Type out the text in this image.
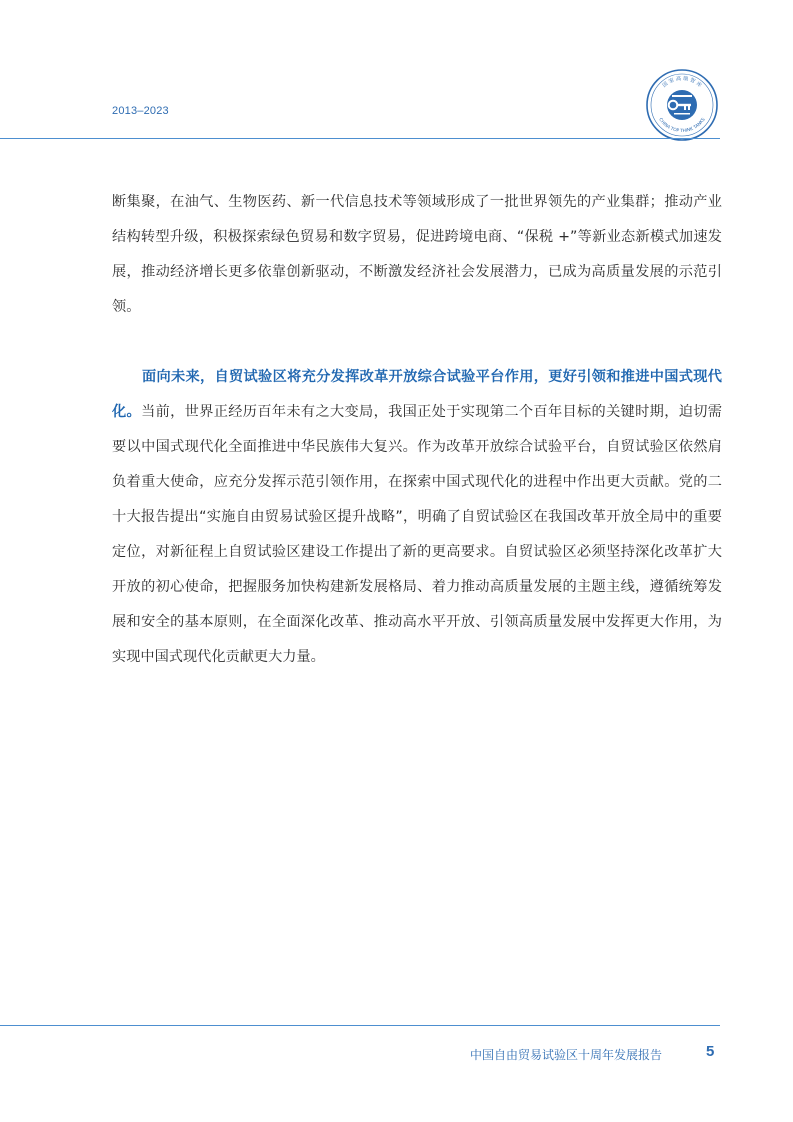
2013–2023
国 家 高 端 智 库
CHINA TOP THINK TANKS

断集聚，在油气、生物医药、新一代信息技术等领域形成了一批世界领先的产业集群；推动产业结构转型升级，积极探索绿色贸易和数字贸易，促进跨境电商、“保税 +”等新业态新模式加速发展，推动经济增长更多依靠创新驱动，不断激发经济社会发展潜力，已成为高质量发展的示范引领。

面向未来，自贸试验区将充分发挥改革开放综合试验平台作用，更好引领和推进中国式现代化。当前，世界正经历百年未有之大变局，我国正处于实现第二个百年目标的关键时期，迫切需要以中国式现代化全面推进中华民族伟大复兴。作为改革开放综合试验平台，自贸试验区依然肩负着重大使命，应充分发挥示范引领作用，在探索中国式现代化的进程中作出更大贡献。党的二十大报告提出“实施自由贸易试验区提升战略”，明确了自贸试验区在我国改革开放全局中的重要定位，对新征程上自贸试验区建设工作提出了新的更高要求。自贸试验区必须坚持深化改革扩大开放的初心使命，把握服务加快构建新发展格局、着力推动高质量发展的主题主线，遵循统筹发展和安全的基本原则，在全面深化改革、推动高水平开放、引领高质量发展中发挥更大作用，为实现中国式现代化贡献更大力量。

中国自由贸易试验区十周年发展报告	5
